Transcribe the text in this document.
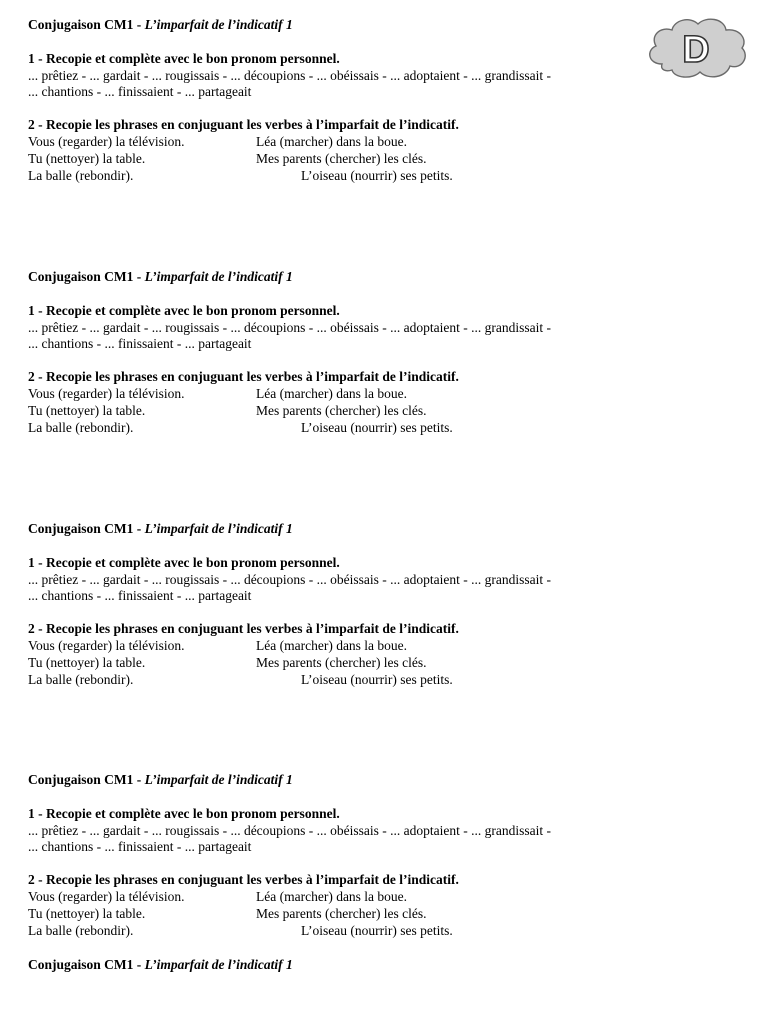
D
Conjugaison CM1 - L’imparfait de l’indicatif 1
1 - Recopie et complète avec le bon pronom personnel.
... prêtiez - ... gardait - ... rougissais - ... découpions - ... obéissais - ... adoptaient - ... grandissait -
... chantions - ... finissaient - ... partageait
2 - Recopie les phrases en conjuguant les verbes à l’imparfait de l’indicatif.
Vous (regarder) la télévision.	Léa (marcher) dans la boue.
Tu (nettoyer) la table.	Mes parents (chercher) les clés.
La balle (rebondir).	L’oiseau (nourrir) ses petits.
Conjugaison CM1 - L’imparfait de l’indicatif 1
1 - Recopie et complète avec le bon pronom personnel.
... prêtiez - ... gardait - ... rougissais - ... découpions - ... obéissais - ... adoptaient - ... grandissait -
... chantions - ... finissaient - ... partageait
2 - Recopie les phrases en conjuguant les verbes à l’imparfait de l’indicatif.
Vous (regarder) la télévision.	Léa (marcher) dans la boue.
Tu (nettoyer) la table.	Mes parents (chercher) les clés.
La balle (rebondir).	L’oiseau (nourrir) ses petits.
Conjugaison CM1 - L’imparfait de l’indicatif 1
1 - Recopie et complète avec le bon pronom personnel.
... prêtiez - ... gardait - ... rougissais - ... découpions - ... obéissais - ... adoptaient - ... grandissait -
... chantions - ... finissaient - ... partageait
2 - Recopie les phrases en conjuguant les verbes à l’imparfait de l’indicatif.
Vous (regarder) la télévision.	Léa (marcher) dans la boue.
Tu (nettoyer) la table.	Mes parents (chercher) les clés.
La balle (rebondir).	L’oiseau (nourrir) ses petits.
Conjugaison CM1 - L’imparfait de l’indicatif 1
1 - Recopie et complète avec le bon pronom personnel.
... prêtiez - ... gardait - ... rougissais - ... découpions - ... obéissais - ... adoptaient - ... grandissait -
... chantions - ... finissaient - ... partageait
2 - Recopie les phrases en conjuguant les verbes à l’imparfait de l’indicatif.
Vous (regarder) la télévision.	Léa (marcher) dans la boue.
Tu (nettoyer) la table.	Mes parents (chercher) les clés.
La balle (rebondir).	L’oiseau (nourrir) ses petits.
Conjugaison CM1 - L’imparfait de l’indicatif 1
